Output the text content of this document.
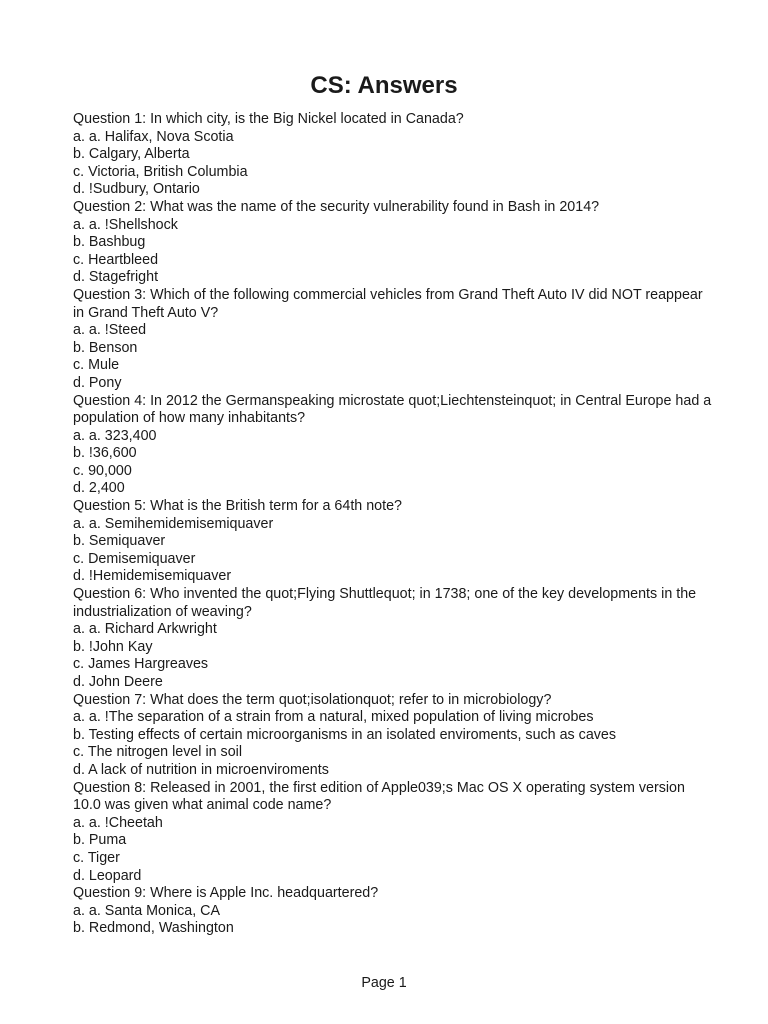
CS: Answers
Question 1: In which city, is the Big Nickel located in Canada?
a. a. Halifax, Nova Scotia
b. Calgary, Alberta
c. Victoria, British Columbia
d. !Sudbury, Ontario
Question 2: What was the name of the security vulnerability found in Bash in 2014?
a. a. !Shellshock
b. Bashbug
c. Heartbleed
d. Stagefright
Question 3: Which of the following commercial vehicles from Grand Theft Auto IV did NOT reappear in Grand Theft Auto V?
a. a. !Steed
b. Benson
c. Mule
d. Pony
Question 4: In 2012 the Germanspeaking microstate quot;Liechtensteinquot; in Central Europe had a population of how many inhabitants?
a. a. 323,400
b. !36,600
c. 90,000
d. 2,400
Question 5: What is the British term for a 64th note?
a. a. Semihemidemisemiquaver
b. Semiquaver
c. Demisemiquaver
d. !Hemidemisemiquaver
Question 6: Who invented the quot;Flying Shuttlequot; in 1738; one of the key developments in the industrialization of weaving?
a. a. Richard Arkwright
b. !John Kay
c. James Hargreaves
d. John Deere
Question 7: What does the term quot;isolationquot; refer to in microbiology?
a. a. !The separation of a strain from a natural, mixed population of living microbes
b. Testing effects of certain microorganisms in an isolated enviroments, such as caves
c. The nitrogen level in soil
d. A lack of nutrition in microenviroments
Question 8: Released in 2001, the first edition of Apple039;s Mac OS X operating system version 10.0 was given what animal code name?
a. a. !Cheetah
b. Puma
c. Tiger
d. Leopard
Question 9: Where is Apple Inc. headquartered?
a. a. Santa Monica, CA
b. Redmond, Washington
Page 1
